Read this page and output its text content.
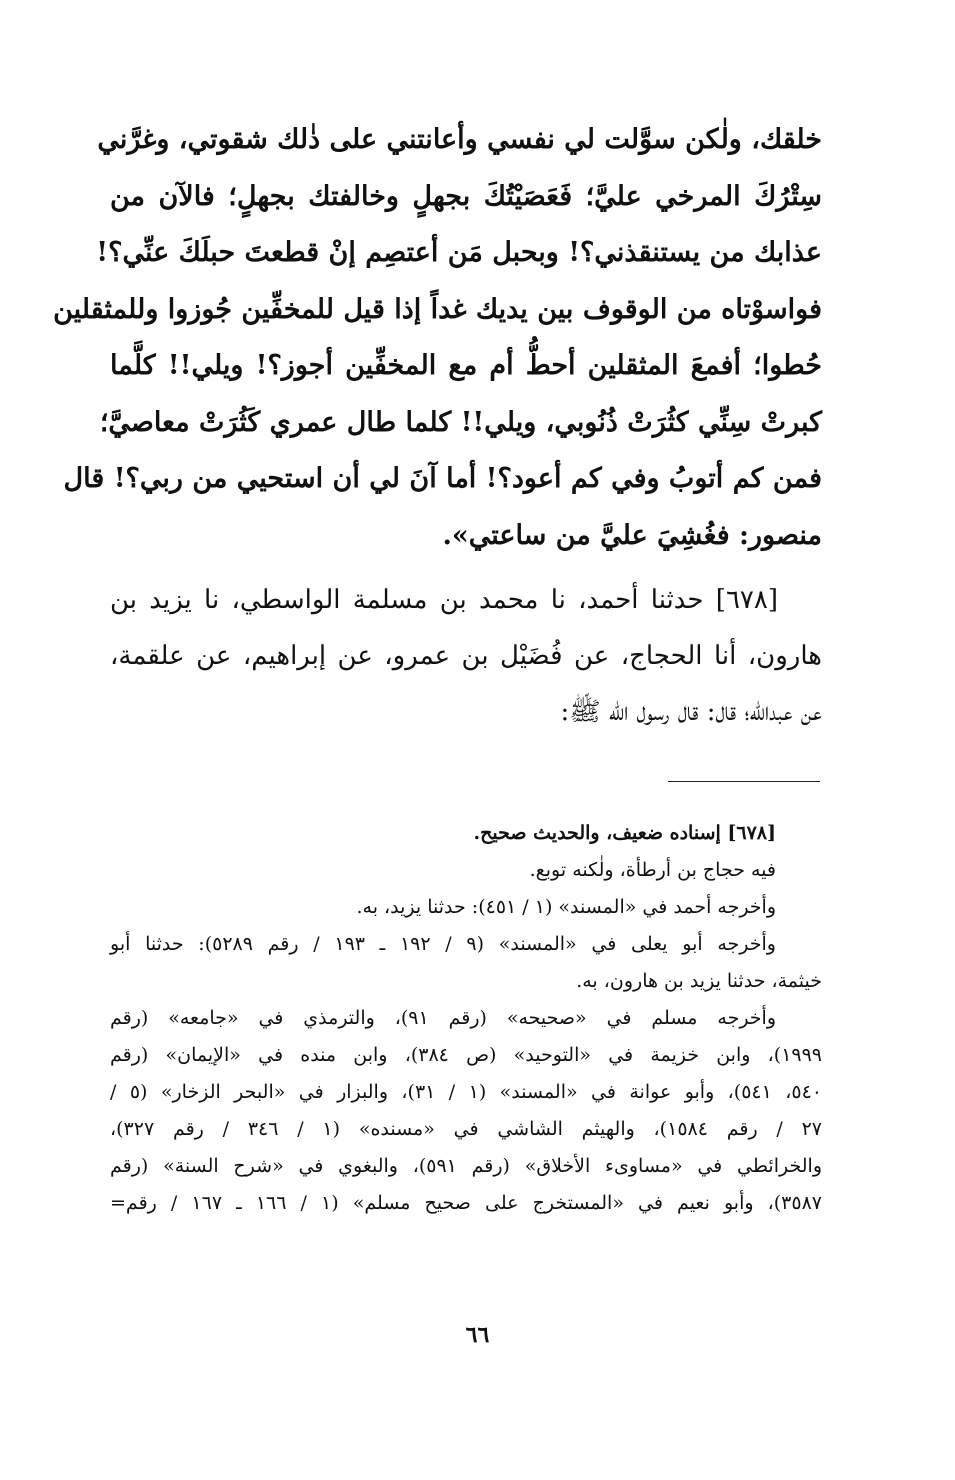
خلقك، ولٰكن سوَّلت لي نفسي وأعانتني على ذٰلك شقوتي، وغرَّني
سِتْرُكَ المرخي عليَّ؛ فَعَصَيْتُكَ بجهلٍ وخالفتك بجهلٍ؛ فالآن من
عذابك من يستنقذني؟! وبحبل مَن أعتصِم إنْ قطعتَ حبلَكَ عنِّي؟!
فواسوْتاه من الوقوف بين يديك غداً إذا قيل للمخفِّين جُوزوا وللمثقلين
حُطوا؛ أفمعَ المثقلين أحطُّ أم مع المخفِّين أجوز؟! ويلي!! كلَّما
كبرتْ سِنِّي كثُرَتْ ذُنُوبي، ويلي!! كلما طال عمري كَثُرَتْ معاصيَّ؛
فمن كم أتوبُ وفي كم أعود؟! أما آنَ لي أن استحيي من ربي؟! قال
منصور: فغُشِيَ عليَّ من ساعتي».
[٦٧٨] حدثنا أحمد، نا محمد بن مسلمة الواسطي، نا يزيد بن
هارون، أنا الحجاج، عن فُضَيْل بن عمرو، عن إبراهيم، عن علقمة،
عن عبدالله؛ قال: قال رسول الله ﷺ:
[٦٧٨] إسناده ضعيف، والحديث صحيح.
فيه حجاج بن أرطأة، ولٰكنه توبع.
وأخرجه أحمد في «المسند» (١ / ٤٥١): حدثنا يزيد، به.
وأخرجه أبو يعلى في «المسند» (٩ / ١٩٢ ـ ١٩٣ / رقم ٥٢٨٩): حدثنا أبو
خيثمة، حدثنا يزيد بن هارون، به.
وأخرجه مسلم في «صحيحه» (رقم ٩١)، والترمذي في «جامعه» (رقم
١٩٩٩)، وابن خزيمة في «التوحيد» (ص ٣٨٤)، وابن منده في «الإيمان» (رقم
٥٤٠، ٥٤١)، وأبو عوانة في «المسند» (١ / ٣١)، والبزار في «البحر الزخار» (٥ /
٢٧ / رقم ١٥٨٤)، والهيثم الشاشي في «مسنده» (١ / ٣٤٦ / رقم ٣٢٧)،
والخرائطي في «مساوىء الأخلاق» (رقم ٥٩١)، والبغوي في «شرح السنة» (رقم
٣٥٨٧)، وأبو نعيم في «المستخرج على صحيح مسلم» (١ / ١٦٦ ـ ١٦٧ / رقم=
٦٦
